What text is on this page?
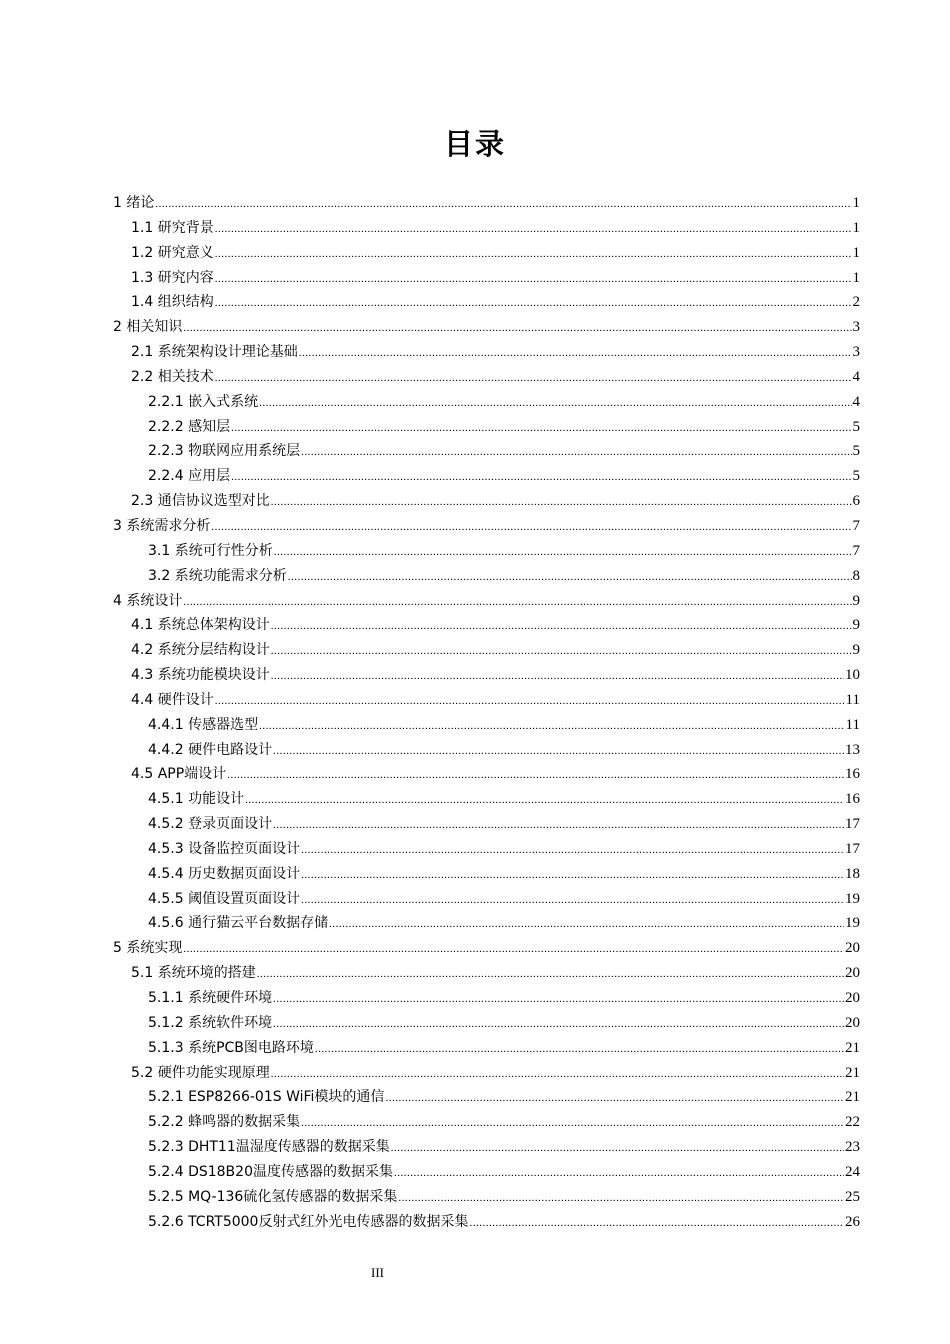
目录
1 绪论 .....	1
1.1 研究背景 .....	1
1.2 研究意义 .....	1
1.3 研究内容 .....	1
1.4 组织结构 .....	2
2 相关知识 .....	3
2.1 系统架构设计理论基础 .....	3
2.2 相关技术 .....	4
2.2.1 嵌入式系统 .....	4
2.2.2 感知层 .....	5
2.2.3 物联网应用系统层 .....	5
2.2.4 应用层 .....	5
2.3 通信协议选型对比 .....	6
3 系统需求分析 .....	7
3.1 系统可行性分析 .....	7
3.2 系统功能需求分析 .....	8
4 系统设计 .....	9
4.1 系统总体架构设计 .....	9
4.2 系统分层结构设计 .....	9
4.3 系统功能模块设计 .....	10
4.4 硬件设计 .....	11
4.4.1 传感器选型 .....	11
4.4.2 硬件电路设计 .....	13
4.5 APP端设计 .....	16
4.5.1 功能设计 .....	16
4.5.2 登录页面设计 .....	17
4.5.3 设备监控页面设计 .....	17
4.5.4 历史数据页面设计 .....	18
4.5.5 阈值设置页面设计 .....	19
4.5.6 通行猫云平台数据存储 .....	19
5 系统实现 .....	20
5.1 系统环境的搭建 .....	20
5.1.1 系统硬件环境 .....	20
5.1.2 系统软件环境 .....	20
5.1.3 系统PCB图电路环境 .....	21
5.2 硬件功能实现原理 .....	21
5.2.1 ESP8266-01S WiFi模块的通信 .....	21
5.2.2 蜂鸣器的数据采集 .....	22
5.2.3 DHT11温湿度传感器的数据采集 .....	23
5.2.4 DS18B20温度传感器的数据采集 .....	24
5.2.5 MQ-136硫化氢传感器的数据采集 .....	25
5.2.6 TCRT5000反射式红外光电传感器的数据采集 .....	26
III
